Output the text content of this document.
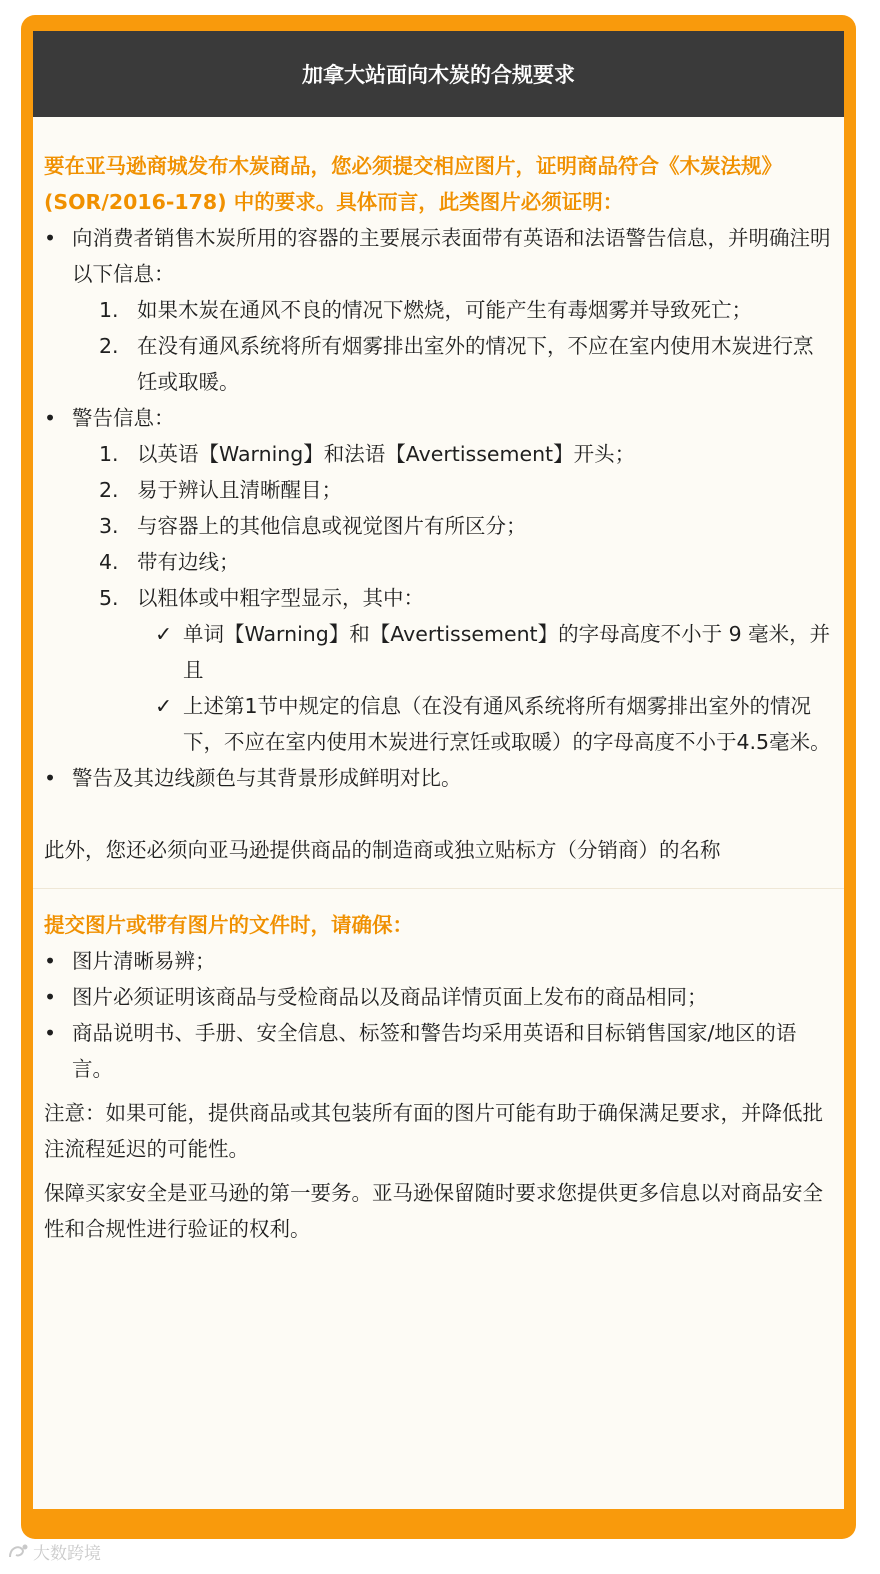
加拿大站面向木炭的合规要求

要在亚马逊商城发布木炭商品，您必须提交相应图片，证明商品符合《木炭法规》(SOR/2016-178) 中的要求。具体而言，此类图片必须证明：

• 向消费者销售木炭所用的容器的主要展示表面带有英语和法语警告信息，并明确注明以下信息：
1. 如果木炭在通风不良的情况下燃烧，可能产生有毒烟雾并导致死亡；
2. 在没有通风系统将所有烟雾排出室外的情况下，不应在室内使用木炭进行烹饪或取暖。
• 警告信息：
1. 以英语【Warning】和法语【Avertissement】开头；
2. 易于辨认且清晰醒目；
3. 与容器上的其他信息或视觉图片有所区分；
4. 带有边线；
5. 以粗体或中粗字型显示，其中：
✓ 单词【Warning】和【Avertissement】的字母高度不小于 9 毫米，并且
✓ 上述第1节中规定的信息（在没有通风系统将所有烟雾排出室外的情况下，不应在室内使用木炭进行烹饪或取暖）的字母高度不小于4.5毫米。
• 警告及其边线颜色与其背景形成鲜明对比。

此外，您还必须向亚马逊提供商品的制造商或独立贴标方（分销商）的名称

提交图片或带有图片的文件时，请确保：

• 图片清晰易辨；
• 图片必须证明该商品与受检商品以及商品详情页面上发布的商品相同；
• 商品说明书、手册、安全信息、标签和警告均采用英语和目标销售国家/地区的语言。

注意：如果可能，提供商品或其包装所有面的图片可能有助于确保满足要求，并降低批注流程延迟的可能性。

保障买家安全是亚马逊的第一要务。亚马逊保留随时要求您提供更多信息以对商品安全性和合规性进行验证的权利。

大数跨境
